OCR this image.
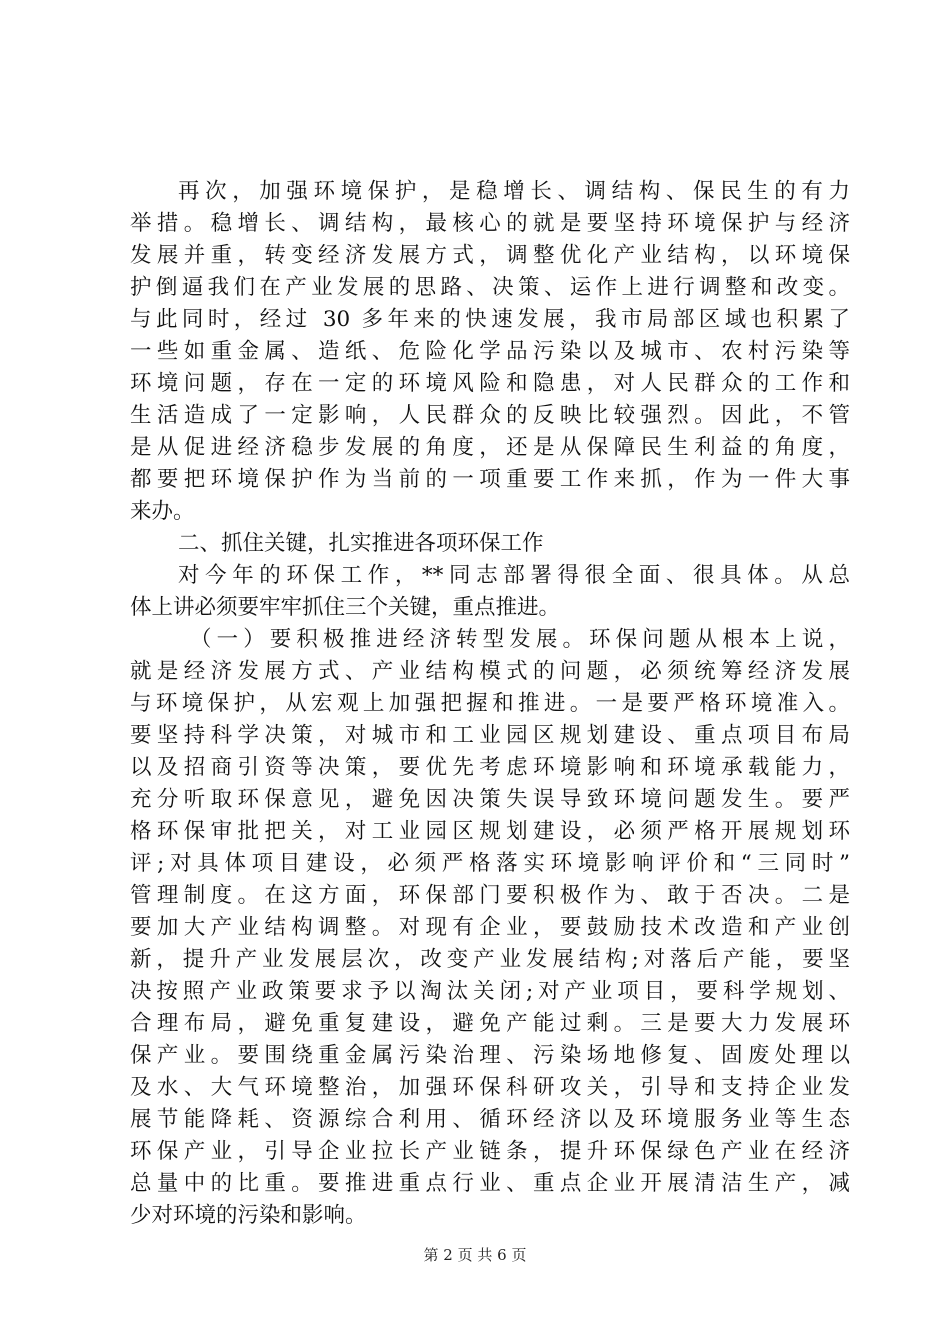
再次，加强环境保护，是稳增长、调结构、保民生的有力
举措。稳增长、调结构，最核心的就是要坚持环境保护与经济
发展并重，转变经济发展方式，调整优化产业结构，以环境保
护倒逼我们在产业发展的思路、决策、运作上进行调整和改变。
与此同时，经过 30 多年来的快速发展，我市局部区域也积累了
一些如重金属、造纸、危险化学品污染以及城市、农村污染等
环境问题，存在一定的环境风险和隐患，对人民群众的工作和
生活造成了一定影响，人民群众的反映比较强烈。因此，不管
是从促进经济稳步发展的角度，还是从保障民生利益的角度，
都要把环境保护作为当前的一项重要工作来抓，作为一件大事
来办。
二、抓住关键，扎实推进各项环保工作
对今年的环保工作，**同志部署得很全面、很具体。从总
体上讲必须要牢牢抓住三个关键，重点推进。
（一）要积极推进经济转型发展。环保问题从根本上说，
就是经济发展方式、产业结构模式的问题，必须统筹经济发展
与环境保护，从宏观上加强把握和推进。一是要严格环境准入。
要坚持科学决策，对城市和工业园区规划建设、重点项目布局
以及招商引资等决策，要优先考虑环境影响和环境承载能力，
充分听取环保意见，避免因决策失误导致环境问题发生。要严
格环保审批把关，对工业园区规划建设，必须严格开展规划环
评;对具体项目建设，必须严格落实环境影响评价和“三同时”
管理制度。在这方面，环保部门要积极作为、敢于否决。二是
要加大产业结构调整。对现有企业，要鼓励技术改造和产业创
新，提升产业发展层次，改变产业发展结构;对落后产能，要坚
决按照产业政策要求予以淘汰关闭;对产业项目，要科学规划、
合理布局，避免重复建设，避免产能过剩。三是要大力发展环
保产业。要围绕重金属污染治理、污染场地修复、固废处理以
及水、大气环境整治，加强环保科研攻关，引导和支持企业发
展节能降耗、资源综合利用、循环经济以及环境服务业等生态
环保产业，引导企业拉长产业链条，提升环保绿色产业在经济
总量中的比重。要推进重点行业、重点企业开展清洁生产，减
少对环境的污染和影响。
第 2 页 共 6 页
